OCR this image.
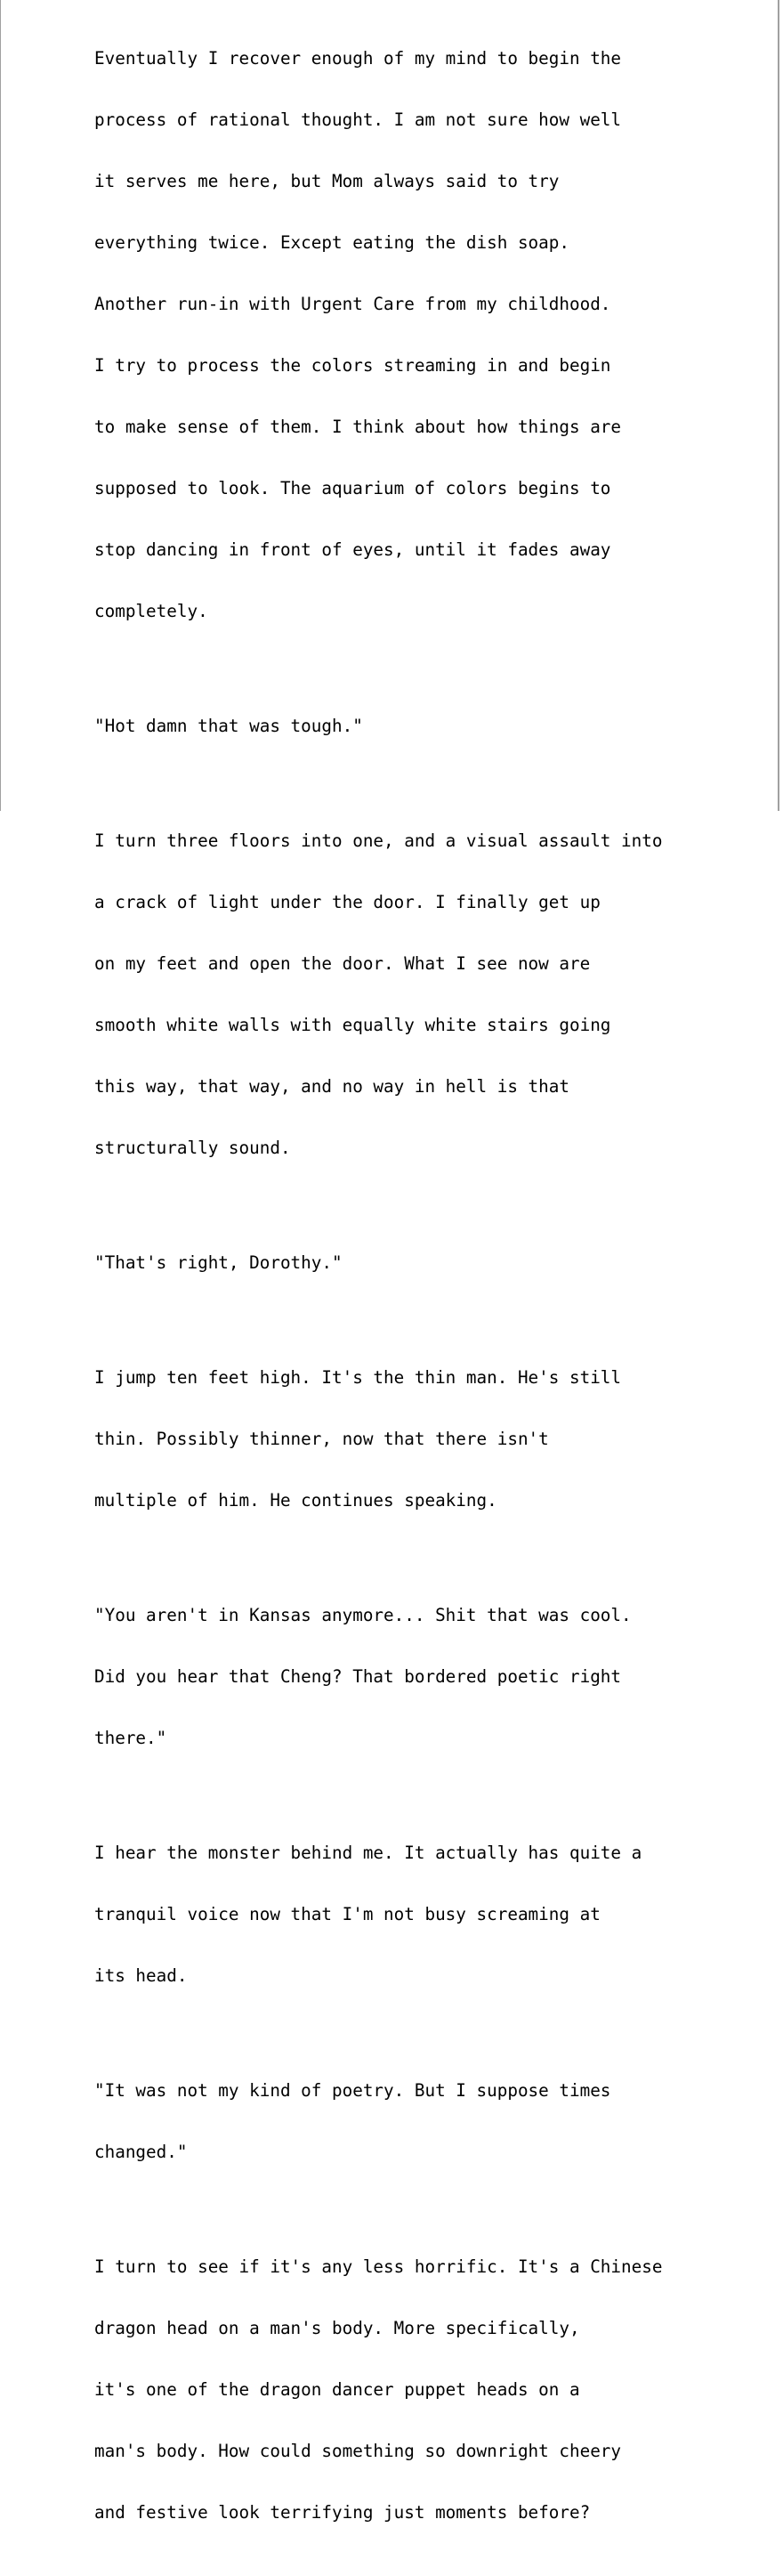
Eventually I recover enough of my mind to begin the

process of rational thought. I am not sure how well

it serves me here, but Mom always said to try

everything twice. Except eating the dish soap.

Another run-in with Urgent Care from my childhood.

I try to process the colors streaming in and begin

to make sense of them. I think about how things are

supposed to look. The aquarium of colors begins to

stop dancing in front of eyes, until it fades away

completely.

"Hot damn that was tough."

I turn three floors into one, and a visual assault into

a crack of light under the door. I finally get up

on my feet and open the door. What I see now are

smooth white walls with equally white stairs going

this way, that way, and no way in hell is that

structurally sound.

"That's right, Dorothy."

I jump ten feet high. It's the thin man. He's still

thin. Possibly thinner, now that there isn't

multiple of him. He continues speaking.

"You aren't in Kansas anymore... Shit that was cool.

Did you hear that Cheng? That bordered poetic right

there."

I hear the monster behind me. It actually has quite a

tranquil voice now that I'm not busy screaming at

its head.

"It was not my kind of poetry. But I suppose times

changed."

I turn to see if it's any less horrific. It's a Chinese

dragon head on a man's body. More specifically,

it's one of the dragon dancer puppet heads on a

man's body. How could something so downright cheery

and festive look terrifying just moments before?
